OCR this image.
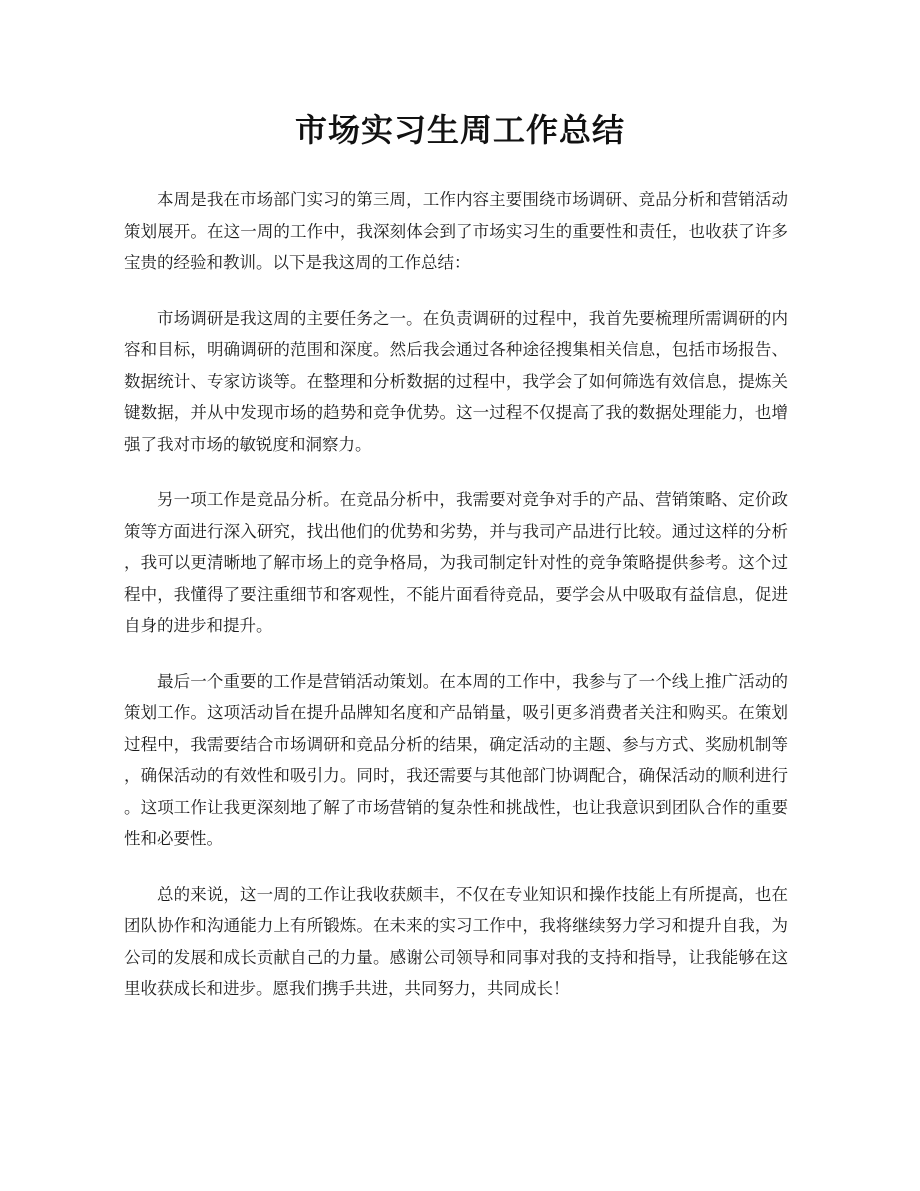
市场实习生周工作总结

本周是我在市场部门实习的第三周，工作内容主要围绕市场调研、竞品分析和营销活动策划展开。在这一周的工作中，我深刻体会到了市场实习生的重要性和责任，也收获了许多宝贵的经验和教训。以下是我这周的工作总结：

市场调研是我这周的主要任务之一。在负责调研的过程中，我首先要梳理所需调研的内容和目标，明确调研的范围和深度。然后我会通过各种途径搜集相关信息，包括市场报告、数据统计、专家访谈等。在整理和分析数据的过程中，我学会了如何筛选有效信息，提炼关键数据，并从中发现市场的趋势和竞争优势。这一过程不仅提高了我的数据处理能力，也增强了我对市场的敏锐度和洞察力。

另一项工作是竞品分析。在竞品分析中，我需要对竞争对手的产品、营销策略、定价政策等方面进行深入研究，找出他们的优势和劣势，并与我司产品进行比较。通过这样的分析，我可以更清晰地了解市场上的竞争格局，为我司制定针对性的竞争策略提供参考。这个过程中，我懂得了要注重细节和客观性，不能片面看待竞品，要学会从中吸取有益信息，促进自身的进步和提升。

最后一个重要的工作是营销活动策划。在本周的工作中，我参与了一个线上推广活动的策划工作。这项活动旨在提升品牌知名度和产品销量，吸引更多消费者关注和购买。在策划过程中，我需要结合市场调研和竞品分析的结果，确定活动的主题、参与方式、奖励机制等，确保活动的有效性和吸引力。同时，我还需要与其他部门协调配合，确保活动的顺利进行。这项工作让我更深刻地了解了市场营销的复杂性和挑战性，也让我意识到团队合作的重要性和必要性。

总的来说，这一周的工作让我收获颇丰，不仅在专业知识和操作技能上有所提高，也在团队协作和沟通能力上有所锻炼。在未来的实习工作中，我将继续努力学习和提升自我，为公司的发展和成长贡献自己的力量。感谢公司领导和同事对我的支持和指导，让我能够在这里收获成长和进步。愿我们携手共进，共同努力，共同成长！
